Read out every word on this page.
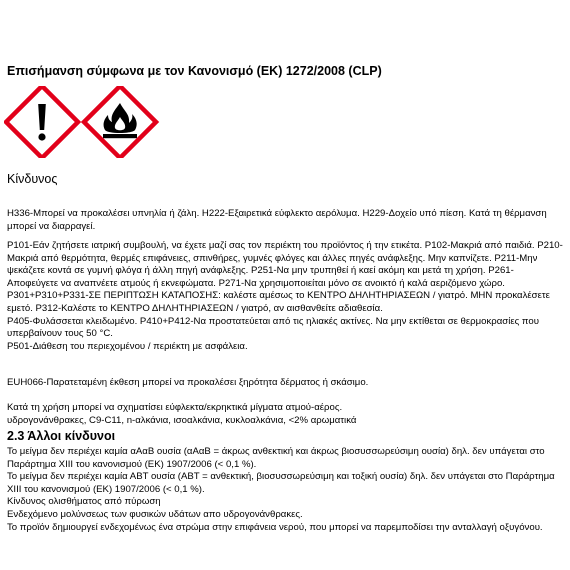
Επισήμανση σύμφωνα με τον Κανονισμό (ΕΚ) 1272/2008 (CLP)
Κίνδυνος
H336-Μπορεί να προκαλέσει υπνηλία ή ζάλη. H222-Εξαιρετικά εύφλεκτο αερόλυμα. H229-Δοχείο υπό πίεση. Κατά τη θέρμανση μπορεί να διαρραγεί.
P101-Εάν ζητήσετε ιατρική συμβουλή, να έχετε μαζί σας τον περιέκτη του προϊόντος ή την ετικέτα. P102-Μακριά από παιδιά. P210-Μακριά από θερμότητα, θερμές επιφάνειες, σπινθήρες, γυμνές φλόγες και άλλες πηγές ανάφλεξης. Μην καπνίζετε. P211-Μην ψεκάζετε κοντά σε γυμνή φλόγα ή άλλη πηγή ανάφλεξης. P251-Να μην τρυπηθεί ή καεί ακόμη και μετά τη χρήση. P261-Αποφεύγετε να αναπνέετε ατμούς ή εκνεφώματα. P271-Να χρησιμοποιείται μόνο σε ανοικτό ή καλά αεριζόμενο χώρο.
P301+P310+P331-ΣΕ ΠΕΡΙΠΤΩΣΗ ΚΑΤΑΠΟΣΗΣ: καλέστε αμέσως το ΚΕΝΤΡΟ ΔΗΛΗΤΗΡΙΑΣΕΩΝ / γιατρό. ΜΗΝ προκαλέσετε εμετό. P312-Καλέστε το ΚΕΝΤΡΟ ΔΗΛΗΤΗΡΙΑΣΕΩΝ / γιατρό, αν αισθανθείτε αδιαθεσία.
P405-Φυλάσσεται κλειδωμένο. P410+P412-Να προστατεύεται από τις ηλιακές ακτίνες. Να μην εκτίθεται σε θερμοκρασίες που υπερβαίνουν τους 50 °C.
P501-Διάθεση του περιεχομένου / περιέκτη με ασφάλεια.
EUH066-Παρατεταμένη έκθεση μπορεί να προκαλέσει ξηρότητα δέρματος ή σκάσιμο.
Κατά τη χρήση μπορεί να σχηματίσει εύφλεκτα/εκρηκτικά μίγματα ατμού-αέρος.
υδρογονάνθρακες, C9-C11, n-αλκάνια, ισοαλκάνια, κυκλοαλκάνια, <2% αρωματικά
2.3 Άλλοι κίνδυνοι
Το μείγμα δεν περιέχει καμία αΑαΒ ουσία (αΑαΒ = άκρως ανθεκτική και άκρως βιοσυσσωρεύσιμη ουσία) δηλ. δεν υπάγεται στο Παράρτημα XIII του κανονισμού (ΕΚ) 1907/2006 (< 0,1 %).
Το μείγμα δεν περιέχει καμία ΑΒΤ ουσία (ΑΒΤ = ανθεκτική, βιοσυσσωρεύσιμη και τοξική ουσία) δηλ. δεν υπάγεται στο Παράρτημα XIII του κανονισμού (ΕΚ) 1907/2006 (< 0,1 %).
Κίνδυνος ολισθήματος από πύρωση
Ενδεχόμενο μολύνσεως των φυσικών υδάτων απο υδρογονάνθρακες.
Το προϊόν δημιουργεί ενδεχομένως ένα στρώμα στην επιφάνεια νερού, που μπορεί να παρεμποδίσει την ανταλλαγή οξυγόνου.
